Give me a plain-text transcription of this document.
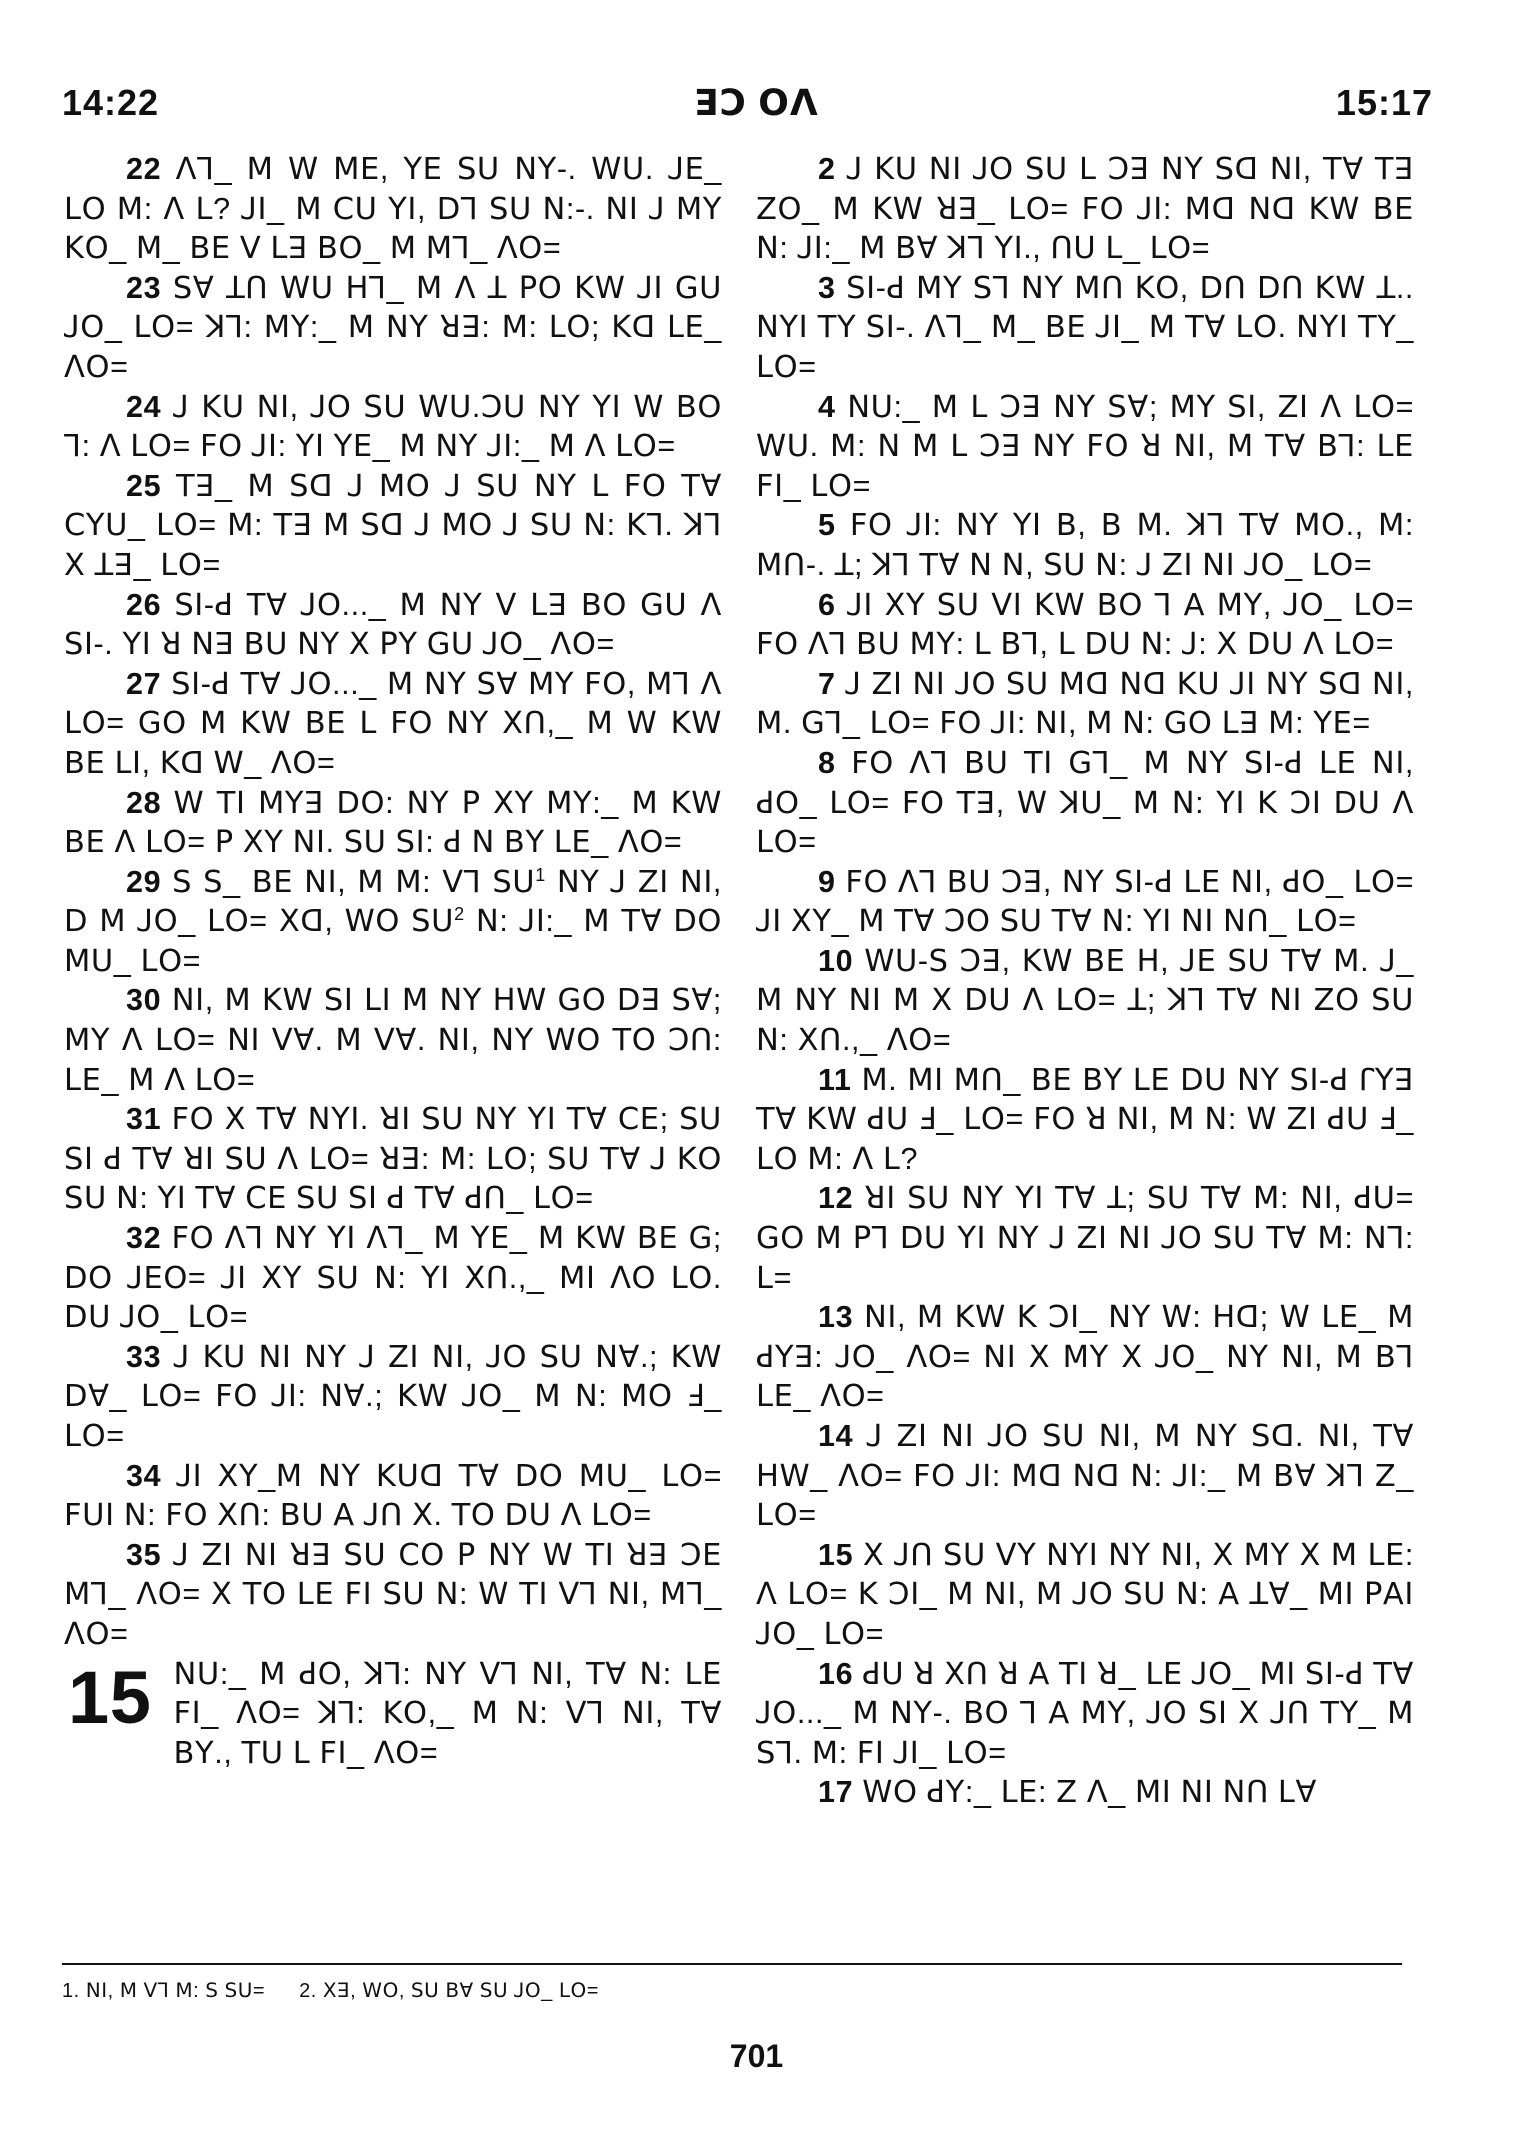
14:22	ꓱꓛ ꓳꓥ	15:17

22 ꓥꓶ_ ꓟ ꓪ ꓟꓰ, ꓬꓰ ꓢꓴ ꓠꓬ-. ꓪꓴ. ꓙꓰ_ ꓡꓳ ꓟ: ꓥ ꓡ? ꓙꓲ_ ꓟ ꓚꓴ ꓬꓲ, ꓓꓶ ꓢꓴ ꓠ:-. ꓠꓲ ꓙ ꓟꓬ ꓗꓳ_ ꓟ_ ꓐꓰ ꓦ ꓡꓱ ꓐꓳ_ ꓟ ꓟꓶ_ ꓥꓳ=

23 ꓢꓯ ꓕꓵ ꓪꓴ ꓧꓶ_ ꓟ ꓥ ꓕ ꓑꓳ ꓗꓪ ꓙꓲ ꓖꓴ ꓙꓳ_ ꓡꓳ= ꓘꓶ: ꓟꓬ:_ ꓟ ꓠꓬ ꓤꓱ: ꓟ: ꓡꓳ; ꓗꓷ ꓡꓰ_ ꓥꓳ=

24 ꓙ ꓗꓴ ꓠꓲ, ꓙꓳ ꓢꓴ ꓪꓴ.ꓛꓴ ꓠꓬ ꓬꓲ ꓪ ꓐꓳ ꓶ: ꓥ ꓡꓳ= ꓝꓳ ꓙꓲ: ꓬꓲ ꓬꓰ_ ꓟ ꓠꓬ ꓙꓲ:_ ꓟ ꓥ ꓡꓳ=

25 ꓔꓱ_ ꓟ ꓢꓷ ꓙ ꓟꓳ ꓙ ꓢꓴ ꓠꓬ ꓡ ꓝꓳ ꓔꓯ ꓚꓬꓴ_ ꓡꓳ= ꓟ: ꓔꓱ ꓟ ꓢꓷ ꓙ ꓟꓳ ꓙ ꓢꓴ ꓠ: ꓗꓶ. ꓘꓶ ꓫ ꓕꓱ_ ꓡꓳ=

26 ꓢꓲ-ꓒ ꓔꓯ ꓙꓳ..._ ꓟ ꓠꓬ ꓦ ꓡꓱ ꓐꓳ ꓖꓴ ꓥ ꓢꓲ-. ꓬꓲ ꓤ ꓠꓱ ꓐꓴ ꓠꓬ ꓫ ꓑꓬ ꓖꓴ ꓙꓳ_ ꓥꓳ=

27 ꓢꓲ-ꓒ ꓔꓯ ꓙꓳ..._ ꓟ ꓠꓬ ꓢꓯ ꓟꓬ ꓝꓳ, ꓟꓶ ꓥ ꓡꓳ= ꓖꓳ ꓟ ꓗꓪ ꓐꓰ ꓡ ꓝꓳ ꓠꓬ ꓫꓵ,_ ꓟ ꓪ ꓗꓪ ꓐꓰ ꓡꓲ, ꓗꓷ ꓪ_ ꓥꓳ=

28 ꓪ ꓔꓲ ꓟꓬꓱ ꓓꓳ: ꓠꓬ ꓑ ꓫꓬ ꓟꓬ:_ ꓟ ꓗꓪ ꓐꓰ ꓥ ꓡꓳ= ꓑ ꓫꓬ ꓠꓲ. ꓢꓴ ꓢꓲ: ꓒ ꓠ ꓐꓬ ꓡꓰ_ ꓥꓳ=

29 ꓢ ꓢ_ ꓐꓰ ꓠꓲ, ꓟ ꓟ: ꓦꓶ ꓢꓴ$^1$ ꓠꓬ ꓙ ꓜꓲ ꓠꓲ, ꓓ ꓟ ꓙꓳ_ ꓡꓳ= ꓫꓷ, ꓪꓳ ꓢꓴ$^2$ ꓠ: ꓙꓲ:_ ꓟ ꓔꓯ ꓓꓳ ꓟꓴ_ ꓡꓳ=

30 ꓠꓲ, ꓟ ꓗꓪ ꓢꓲ ꓡꓲ ꓟ ꓠꓬ ꓧꓪ ꓖꓳ ꓓꓱ ꓢꓯ; ꓟꓬ ꓥ ꓡꓳ= ꓠꓲ ꓦꓯ. ꓟ ꓦꓯ. ꓠꓲ, ꓠꓬ ꓪꓳ ꓔꓳ ꓛꓵ: ꓡꓰ_ ꓟ ꓥ ꓡꓳ=

31 ꓝꓳ ꓫ ꓔꓯ ꓠꓬꓲ. ꓤꓲ ꓢꓴ ꓠꓬ ꓬꓲ ꓔꓯ ꓚꓰ; ꓢꓴ ꓢꓲ ꓒ ꓔꓯ ꓤꓲ ꓢꓴ ꓥ ꓡꓳ= ꓤꓱ: ꓟ: ꓡꓳ; ꓢꓴ ꓔꓯ ꓙ ꓗꓳ ꓢꓴ ꓠ: ꓬꓲ ꓔꓯ ꓚꓰ ꓢꓴ ꓢꓲ ꓒ ꓔꓯ ꓒꓵ_ ꓡꓳ=

32 ꓝꓳ ꓥꓶ ꓠꓬ ꓬꓲ ꓥꓶ_ ꓟ ꓬꓰ_ ꓟ ꓗꓪ ꓐꓰ ꓖ; ꓓꓳ ꓙꓰꓳ= ꓙꓲ ꓫꓬ ꓢꓴ ꓠ: ꓬꓲ ꓫꓵ.,_ ꓟꓲ ꓥꓳ ꓡꓳ. ꓓꓴ ꓙꓳ_ ꓡꓳ=

33 ꓙ ꓗꓴ ꓠꓲ ꓠꓬ ꓙ ꓜꓲ ꓠꓲ, ꓙꓳ ꓢꓴ ꓠꓯ.; ꓗꓪ ꓓꓯ_ ꓡꓳ= ꓝꓳ ꓙꓲ: ꓠꓯ.; ꓗꓪ ꓙꓳ_ ꓟ ꓠ: ꓟꓳ ꓞ_ ꓡꓳ=

34 ꓙꓲ ꓫꓬ_ꓟ ꓠꓬ ꓗꓴꓷ ꓔꓯ ꓓꓳ ꓟꓴ_ ꓡꓳ= ꓝꓴꓲ ꓠ: ꓝꓳ ꓫꓵ: ꓐꓴ ꓮ ꓙꓵ ꓫ. ꓔꓳ ꓓꓴ ꓥ ꓡꓳ=

35 ꓙ ꓜꓲ ꓠꓲ ꓤꓱ ꓢꓴ ꓚꓳ ꓑ ꓠꓬ ꓪ ꓔꓲ ꓤꓱ ꓛꓰ ꓟꓶ_ ꓥꓳ= ꓫ ꓔꓳ ꓡꓰ ꓝꓲ ꓢꓴ ꓠ: ꓪ ꓔꓲ ꓦꓶ ꓠꓲ, ꓟꓶ_ ꓥꓳ=

15 ꓠꓴ:_ ꓟ ꓒꓳ, ꓘꓶ: ꓠꓬ ꓦꓶ ꓠꓲ, ꓔꓯ ꓠ: ꓡꓰ ꓝꓲ_ ꓥꓳ= ꓘꓶ: ꓗꓳ,_ ꓟ ꓠ: ꓦꓶ ꓠꓲ, ꓔꓯ ꓐꓬ., ꓔꓴ ꓡ ꓝꓲ_ ꓥꓳ=

2 ꓙ ꓗꓴ ꓠꓲ ꓙꓳ ꓢꓴ ꓡ ꓛꓱ ꓠꓬ ꓢꓷ ꓠꓲ, ꓔꓯ ꓔꓱ ꓜꓳ_ ꓟ ꓗꓪ ꓤꓱ_ ꓡꓳ= ꓝꓳ ꓙꓲ: ꓟꓷ ꓠꓷ ꓗꓪ ꓐꓰ ꓠ: ꓙꓲ:_ ꓟ ꓐꓯ ꓘꓶ ꓬꓲ., ꓵꓴ ꓡ_ ꓡꓳ=

3 ꓢꓲ-ꓒ ꓟꓬ ꓢꓶ ꓠꓬ ꓟꓵ ꓗꓳ, ꓓꓵ ꓓꓵ ꓗꓪ ꓕ.. ꓠꓬꓲ ꓔꓬ ꓢꓲ-. ꓥꓶ_ ꓟ_ ꓐꓰ ꓙꓲ_ ꓟ ꓔꓯ ꓡꓳ. ꓠꓬꓲ ꓔꓬ_ ꓡꓳ=

4 ꓠꓴ:_ ꓟ ꓡ ꓛꓱ ꓠꓬ ꓢꓯ; ꓟꓬ ꓢꓲ, ꓜꓲ ꓥ ꓡꓳ= ꓪꓴ. ꓟ: ꓠ ꓟ ꓡ ꓛꓱ ꓠꓬ ꓝꓳ ꓤ ꓠꓲ, ꓟ ꓔꓯ ꓐꓶ: ꓡꓰ ꓝꓲ_ ꓡꓳ=

5 ꓝꓳ ꓙꓲ: ꓠꓬ ꓬꓲ ꓐ, ꓐ ꓟ. ꓘꓶ ꓔꓯ ꓟꓳ., ꓟ: ꓟꓵ-. ꓕ; ꓘꓶ ꓔꓯ ꓠ ꓠ, ꓢꓴ ꓠ: ꓙ ꓜꓲ ꓠꓲ ꓙꓳ_ ꓡꓳ=

6 ꓙꓲ ꓫꓬ ꓢꓴ ꓦꓲ ꓗꓪ ꓐꓳ ꓶ ꓮ ꓟꓬ, ꓙꓳ_ ꓡꓳ= ꓝꓳ ꓥꓶ ꓐꓴ ꓟꓬ: ꓡ ꓐꓶ, ꓡ ꓓꓴ ꓠ: ꓙ: ꓫ ꓓꓴ ꓥ ꓡꓳ=

7 ꓙ ꓜꓲ ꓠꓲ ꓙꓳ ꓢꓴ ꓟꓷ ꓠꓷ ꓗꓴ ꓙꓲ ꓠꓬ ꓢꓷ ꓠꓲ, ꓟ. ꓖꓶ_ ꓡꓳ= ꓝꓳ ꓙꓲ: ꓠꓲ, ꓟ ꓠ: ꓖꓳ ꓡꓱ ꓟ: ꓬꓰ=

8 ꓝꓳ ꓥꓶ ꓐꓴ ꓔꓲ ꓖꓶ_ ꓟ ꓠꓬ ꓢꓲ-ꓒ ꓡꓰ ꓠꓲ, ꓒꓳ_ ꓡꓳ= ꓝꓳ ꓔꓱ, ꓪ ꓘꓴ_ ꓟ ꓠ: ꓬꓲ ꓗ ꓛꓲ ꓓꓴ ꓥ ꓡꓳ=

9 ꓝꓳ ꓥꓶ ꓐꓴ ꓛꓱ, ꓠꓬ ꓢꓲ-ꓒ ꓡꓰ ꓠꓲ, ꓒꓳ_ ꓡꓳ= ꓙꓲ ꓫꓬ_ ꓟ ꓔꓯ ꓛꓳ ꓢꓴ ꓔꓯ ꓠ: ꓬꓲ ꓠꓲ ꓠꓵ_ ꓡꓳ=

10 ꓪꓴ-ꓢ ꓛꓱ, ꓗꓪ ꓐꓰ ꓧ, ꓙꓰ ꓢꓴ ꓔꓯ ꓟ. ꓙ_ ꓟ ꓠꓬ ꓠꓲ ꓟ ꓫ ꓓꓴ ꓥ ꓡꓳ= ꓕ; ꓘꓶ ꓔꓯ ꓠꓲ ꓜꓳ ꓢꓴ ꓠ: ꓫꓵ.,_ ꓥꓳ=

11 ꓟ. ꓟꓲ ꓟꓵ_ ꓐꓰ ꓐꓬ ꓡꓰ ꓓꓴ ꓠꓬ ꓢꓲ-ꓒ ꓩꓬꓱ ꓔꓯ ꓗꓪ ꓒꓴ ꓞ_ ꓡꓳ= ꓝꓳ ꓤ ꓠꓲ, ꓟ ꓠ: ꓪ ꓜꓲ ꓒꓴ ꓞ_ ꓡꓳ ꓟ: ꓥ ꓡ?

12 ꓤꓲ ꓢꓴ ꓠꓬ ꓬꓲ ꓔꓯ ꓕ; ꓢꓴ ꓔꓯ ꓟ: ꓠꓲ, ꓒꓴ= ꓖꓳ ꓟ ꓑꓶ ꓓꓴ ꓬꓲ ꓠꓬ ꓙ ꓜꓲ ꓠꓲ ꓙꓳ ꓢꓴ ꓔꓯ ꓟ: ꓠꓶ: ꓡ=

13 ꓠꓲ, ꓟ ꓗꓪ ꓗ ꓛꓲ_ ꓠꓬ ꓪ: ꓧꓷ; ꓪ ꓡꓰ_ ꓟ ꓒꓬꓱ: ꓙꓳ_ ꓥꓳ= ꓠꓲ ꓫ ꓟꓬ ꓫ ꓙꓳ_ ꓠꓬ ꓠꓲ, ꓟ ꓐꓶ ꓡꓰ_ ꓥꓳ=

14 ꓙ ꓜꓲ ꓠꓲ ꓙꓳ ꓢꓴ ꓠꓲ, ꓟ ꓠꓬ ꓢꓷ. ꓠꓲ, ꓔꓯ ꓧꓪ_ ꓥꓳ= ꓝꓳ ꓙꓲ: ꓟꓷ ꓠꓷ ꓠ: ꓙꓲ:_ ꓟ ꓐꓯ ꓘꓶ ꓜ_ ꓡꓳ=

15 ꓫ ꓙꓵ ꓢꓴ ꓦꓬ ꓠꓬꓲ ꓠꓬ ꓠꓲ, ꓫ ꓟꓬ ꓫ ꓟ ꓡꓰ: ꓥ ꓡꓳ= ꓗ ꓛꓲ_ ꓟ ꓠꓲ, ꓟ ꓙꓳ ꓢꓴ ꓠ: ꓮ ꓕꓯ_ ꓟꓲ ꓑꓮꓲ ꓙꓳ_ ꓡꓳ=

16 ꓒꓴ ꓤ ꓫꓵ ꓤ ꓮ ꓔꓲ ꓤ_ ꓡꓰ ꓙꓳ_ ꓟꓲ ꓢꓲ-ꓒ ꓔꓯ ꓙꓳ..._ ꓟ ꓠꓬ-. ꓐꓳ ꓶ ꓮ ꓟꓬ, ꓙꓳ ꓢꓲ ꓫ ꓙꓵ ꓔꓬ_ ꓟ ꓢꓶ. ꓟ: ꓝꓲ ꓙꓲ_ ꓡꓳ=

17 ꓪꓳ ꓒꓬ:_ ꓡꓰ: ꓜ ꓥ_ ꓟꓲ ꓠꓲ ꓠꓵ ꓡꓯ

1. ꓠꓲ, ꓟ ꓦꓶ ꓟ: ꓢ ꓢꓴ= 2. ꓫꓱ, ꓪꓳ, ꓢꓴ ꓐꓯ ꓢꓴ ꓙꓳ_ ꓡꓳ=
701
